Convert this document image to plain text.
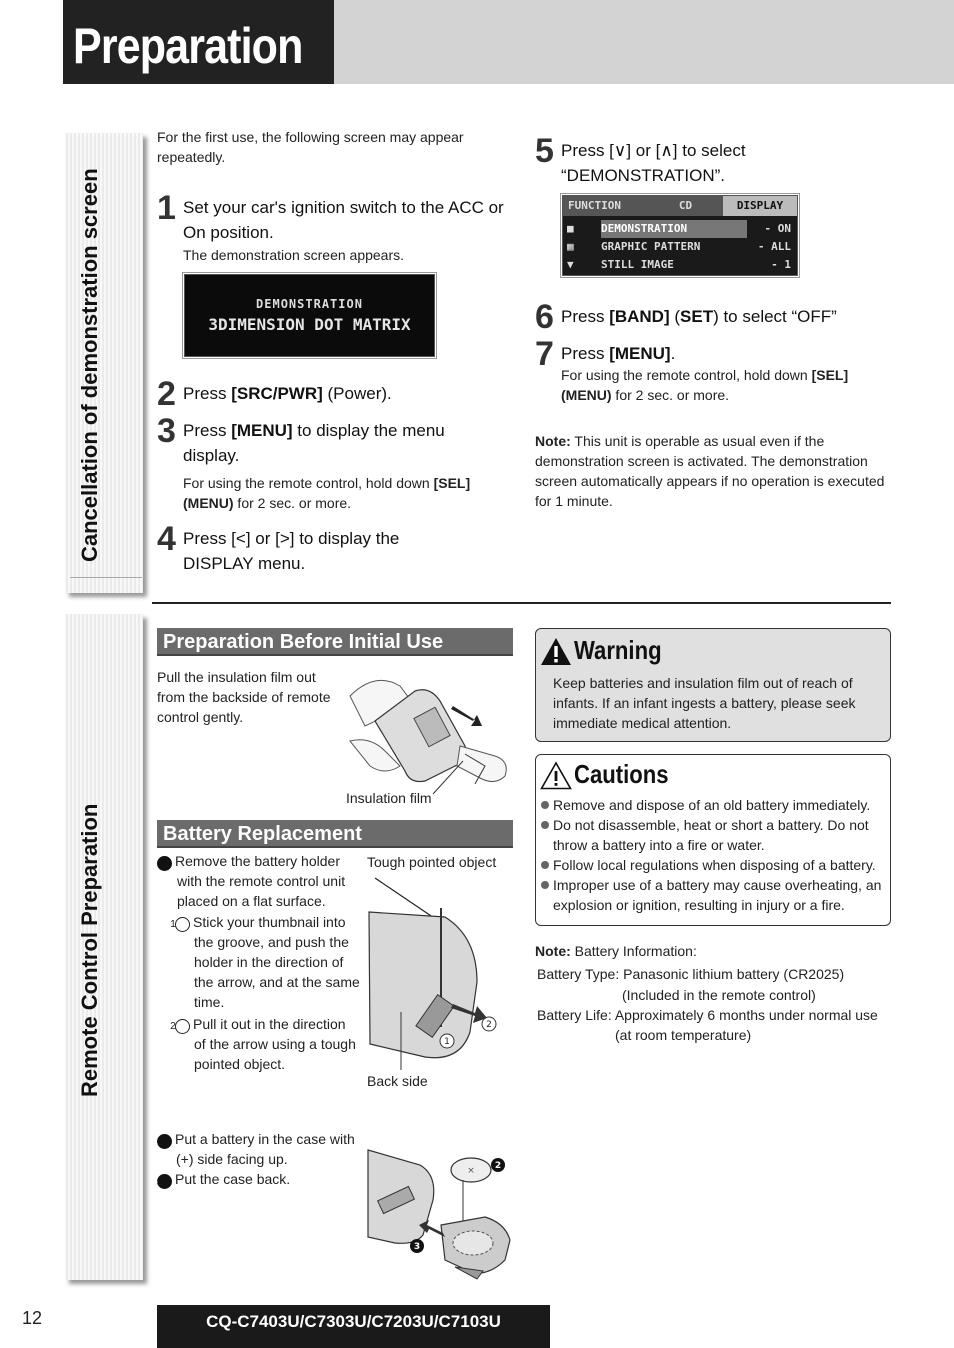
Preparation
Cancellation of demonstration screen
Remote Control Preparation
For the first use, the following screen may appear repeatedly.
1 Set your car's ignition switch to the ACC or On position.
The demonstration screen appears.
DEMONSTRATION
3DIMENSION DOT MATRIX
2 Press [SRC/PWR] (Power).
3 Press [MENU] to display the menu display.
For using the remote control, hold down [SEL] (MENU) for 2 sec. or more.
4 Press [<] or [>] to display the DISPLAY menu.
5 Press [∨] or [∧] to select “DEMONSTRATION”.
FUNCTION	CD	DISPLAY
■	DEMONSTRATION	- ON
▦	GRAPHIC PATTERN	- ALL
▼	STILL IMAGE	- 1
6 Press [BAND] (SET) to select “OFF”
7 Press [MENU].
For using the remote control, hold down [SEL] (MENU) for 2 sec. or more.
Note: This unit is operable as usual even if the demonstration screen is activated. The demonstration screen automatically appears if no operation is executed for 1 minute.
Preparation Before Initial Use
Pull the insulation film out from the backside of remote control gently.
Insulation film
Battery Replacement
1 Remove the battery holder with the remote control unit placed on a flat surface.
1 Stick your thumbnail into the groove, and push the holder in the direction of the arrow, and at the same time.
2 Pull it out in the direction of the arrow using a tough pointed object.
Tough pointed object
1
2
Back side
2 Put a battery in the case with (+) side facing up.
3 Put the case back.	× 2
3
Warning
Keep batteries and insulation film out of reach of infants. If an infant ingests a battery, please seek immediate medical attention.
Cautions
Remove and dispose of an old battery immediately.
Do not disassemble, heat or short a battery. Do not throw a battery into a fire or water.
Follow local regulations when disposing of a battery.
Improper use of a battery may cause overheating, an explosion or ignition, resulting in injury or a fire.
Note: Battery Information:
Battery Type: Panasonic lithium battery (CR2025)
(Included in the remote control)
Battery Life: Approximately 6 months under normal use
(at room temperature)
12	CQ-C7403U/C7303U/C7203U/C7103U
